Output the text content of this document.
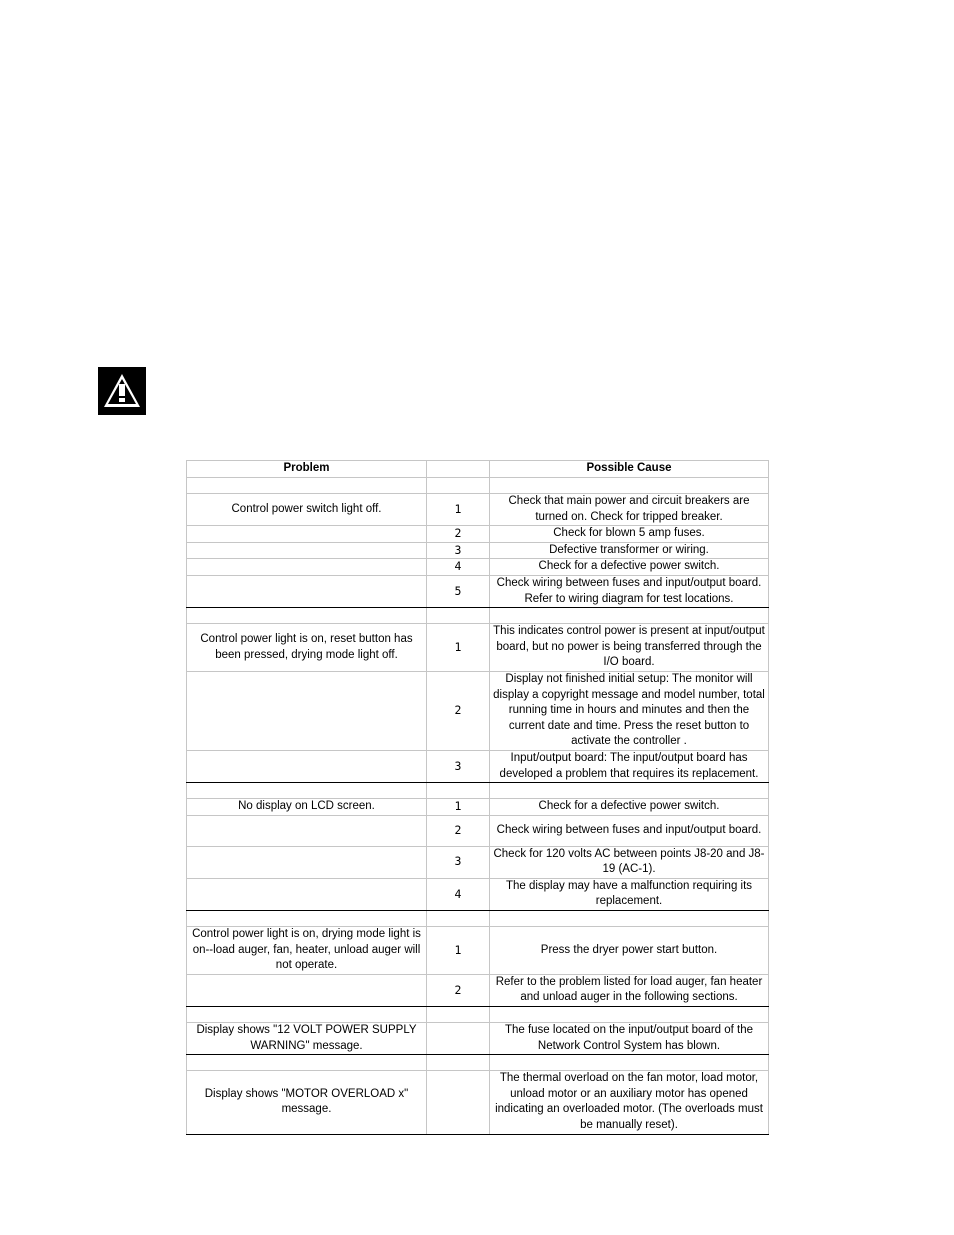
Problem		Possible Cause

Control power switch light off.	1	Check that main power and circuit breakers are turned on. Check for tripped breaker.
	2	Check for blown 5 amp fuses.
	3	Defective transformer or wiring.
	4	Check for a defective power switch.
	5	Check wiring between fuses and input/output board. Refer to wiring diagram for test locations.

Control power light is on, reset button has been pressed, drying mode light off.	1	This indicates control power is present at input/output board, but no power is being transferred through the I/O board.
	2	Display not finished initial setup: The monitor will display a copyright message and model number, total running time in hours and minutes and then the current date and time. Press the reset button to activate the controller .
	3	Input/output board: The input/output board has developed a problem that requires its replacement.

No display on LCD screen.	1	Check for a defective power switch.
	2	Check wiring between fuses and input/output board.
	3	Check for 120 volts AC between points J8-20 and J8-19 (AC-1).
	4	The display may have a malfunction requiring its replacement.

Control power light is on, drying mode light is on--load auger, fan, heater, unload auger will not operate.	1	Press the dryer power start button.
	2	Refer to the problem listed for load auger, fan heater and unload auger in the following sections.

Display shows "12 VOLT POWER SUPPLY WARNING" message.		The fuse located on the input/output board of the Network Control System has blown.

Display shows "MOTOR OVERLOAD x" message.		The thermal overload on the fan motor, load motor, unload motor or an auxiliary motor has opened indicating an overloaded motor. (The overloads must be manually reset).
